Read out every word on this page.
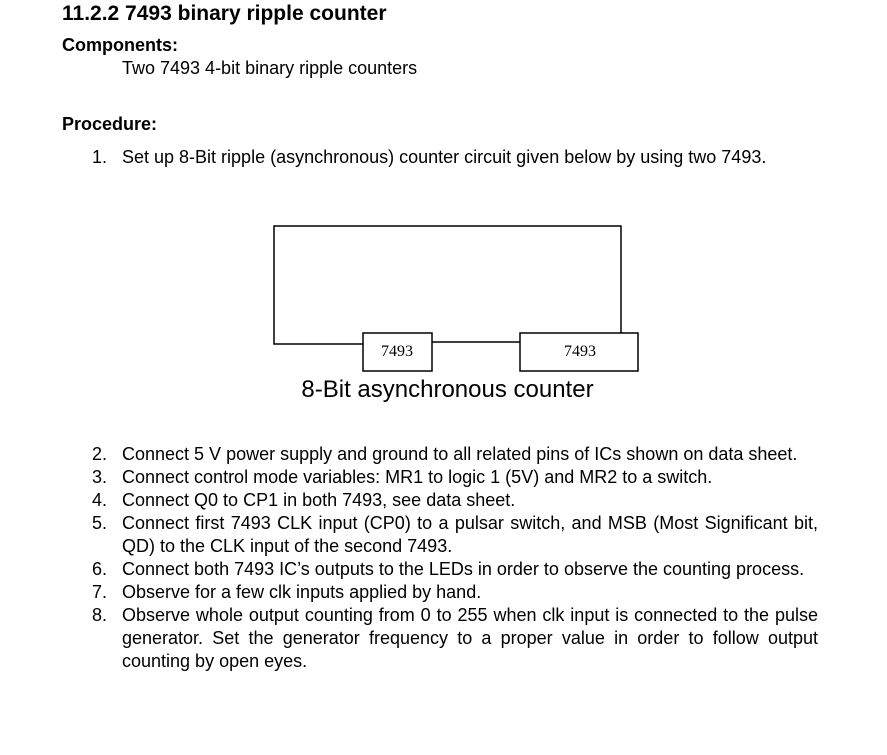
11.2.2 7493 binary ripple counter
Components:
Two 7493 4-bit binary ripple counters
Procedure:
1. Set up 8-Bit ripple (asynchronous) counter circuit given below by using two 7493.
7493	7493
8-Bit asynchronous counter
2. Connect 5 V power supply and ground to all related pins of ICs shown on data sheet.
3. Connect control mode variables: MR1 to logic 1 (5V) and MR2 to a switch.
4. Connect Q0 to CP1 in both 7493, see data sheet.
5. Connect first 7493 CLK input (CP0) to a pulsar switch, and MSB (Most Significant bit, QD) to the CLK input of the second 7493.
6. Connect both 7493 IC’s outputs to the LEDs in order to observe the counting process.
7. Observe for a few clk inputs applied by hand.
8. Observe whole output counting from 0 to 255 when clk input is connected to the pulse generator. Set the generator frequency to a proper value in order to follow output counting by open eyes.
